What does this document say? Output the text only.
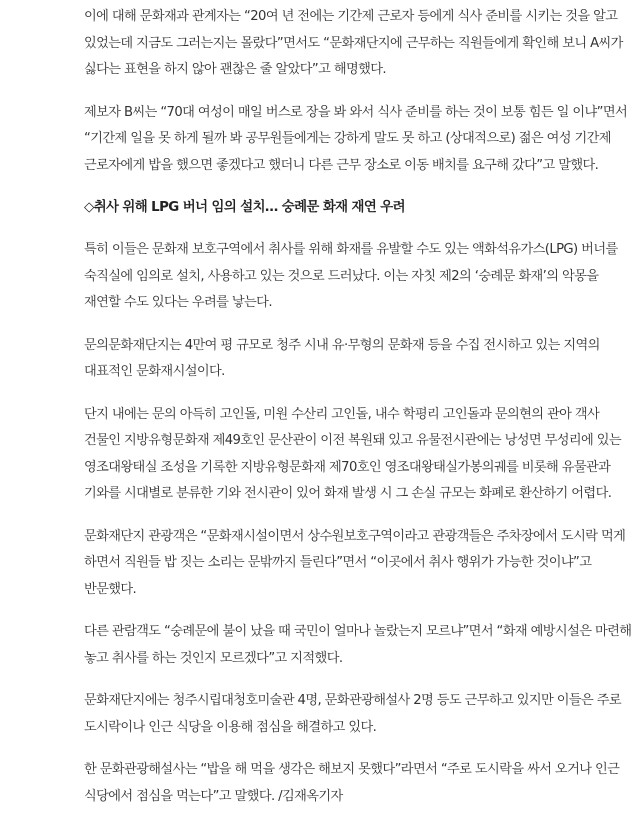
이에 대해 문화재과 관계자는 “20여 년 전에는 기간제 근로자 등에게 식사 준비를 시키는 것을 알고 있었는데 지금도 그러는지는 몰랐다”면서도 “문화재단지에 근무하는 직원들에게 확인해 보니 A씨가 싫다는 표현을 하지 않아 괜찮은 줄 알았다”고 해명했다.

제보자 B씨는 “70대 여성이 매일 버스로 장을 봐 와서 식사 준비를 하는 것이 보통 힘든 일 이냐”면서 “기간제 일을 못 하게 될까 봐 공무원들에게는 강하게 말도 못 하고 (상대적으로) 젊은 여성 기간제 근로자에게 밥을 했으면 좋겠다고 했더니 다른 근무 장소로 이동 배치를 요구해 갔다”고 말했다.

◇취사 위해 LPG 버너 임의 설치… 숭례문 화재 재연 우려

특히 이들은 문화재 보호구역에서 취사를 위해 화재를 유발할 수도 있는 액화석유가스(LPG) 버너를 숙직실에 임의로 설치, 사용하고 있는 것으로 드러났다. 이는 자칫 제2의 ‘숭례문 화재’의 악몽을 재연할 수도 있다는 우려를 낳는다.

문의문화재단지는 4만여 평 규모로 청주 시내 유·무형의 문화재 등을 수집 전시하고 있는 지역의 대표적인 문화재시설이다.

단지 내에는 문의 아득히 고인돌, 미원 수산리 고인돌, 내수 학평리 고인돌과 문의현의 관아 객사 건물인 지방유형문화재 제49호인 문산관이 이전 복원돼 있고 유물전시관에는 낭성면 무성리에 있는 영조대왕태실 조성을 기록한 지방유형문화재 제70호인 영조대왕태실가봉의궤를 비롯해 유물관과 기와를 시대별로 분류한 기와 전시관이 있어 화재 발생 시 그 손실 규모는 화폐로 환산하기 어렵다.

문화재단지 관광객은 “문화재시설이면서 상수원보호구역이라고 관광객들은 주차장에서 도시락 먹게 하면서 직원들 밥 짓는 소리는 문밖까지 들린다”면서 “이곳에서 취사 행위가 가능한 것이냐”고 반문했다.

다른 관람객도 “숭례문에 불이 났을 때 국민이 얼마나 놀랐는지 모르냐”면서 “화재 예방시설은 마련해 놓고 취사를 하는 것인지 모르겠다”고 지적했다.

문화재단지에는 청주시립대청호미술관 4명, 문화관광해설사 2명 등도 근무하고 있지만 이들은 주로 도시락이나 인근 식당을 이용해 점심을 해결하고 있다.

한 문화관광해설사는 “밥을 해 먹을 생각은 해보지 못했다”라면서 “주로 도시락을 싸서 오거나 인근 식당에서 점심을 먹는다”고 말했다. /김재옥기자
